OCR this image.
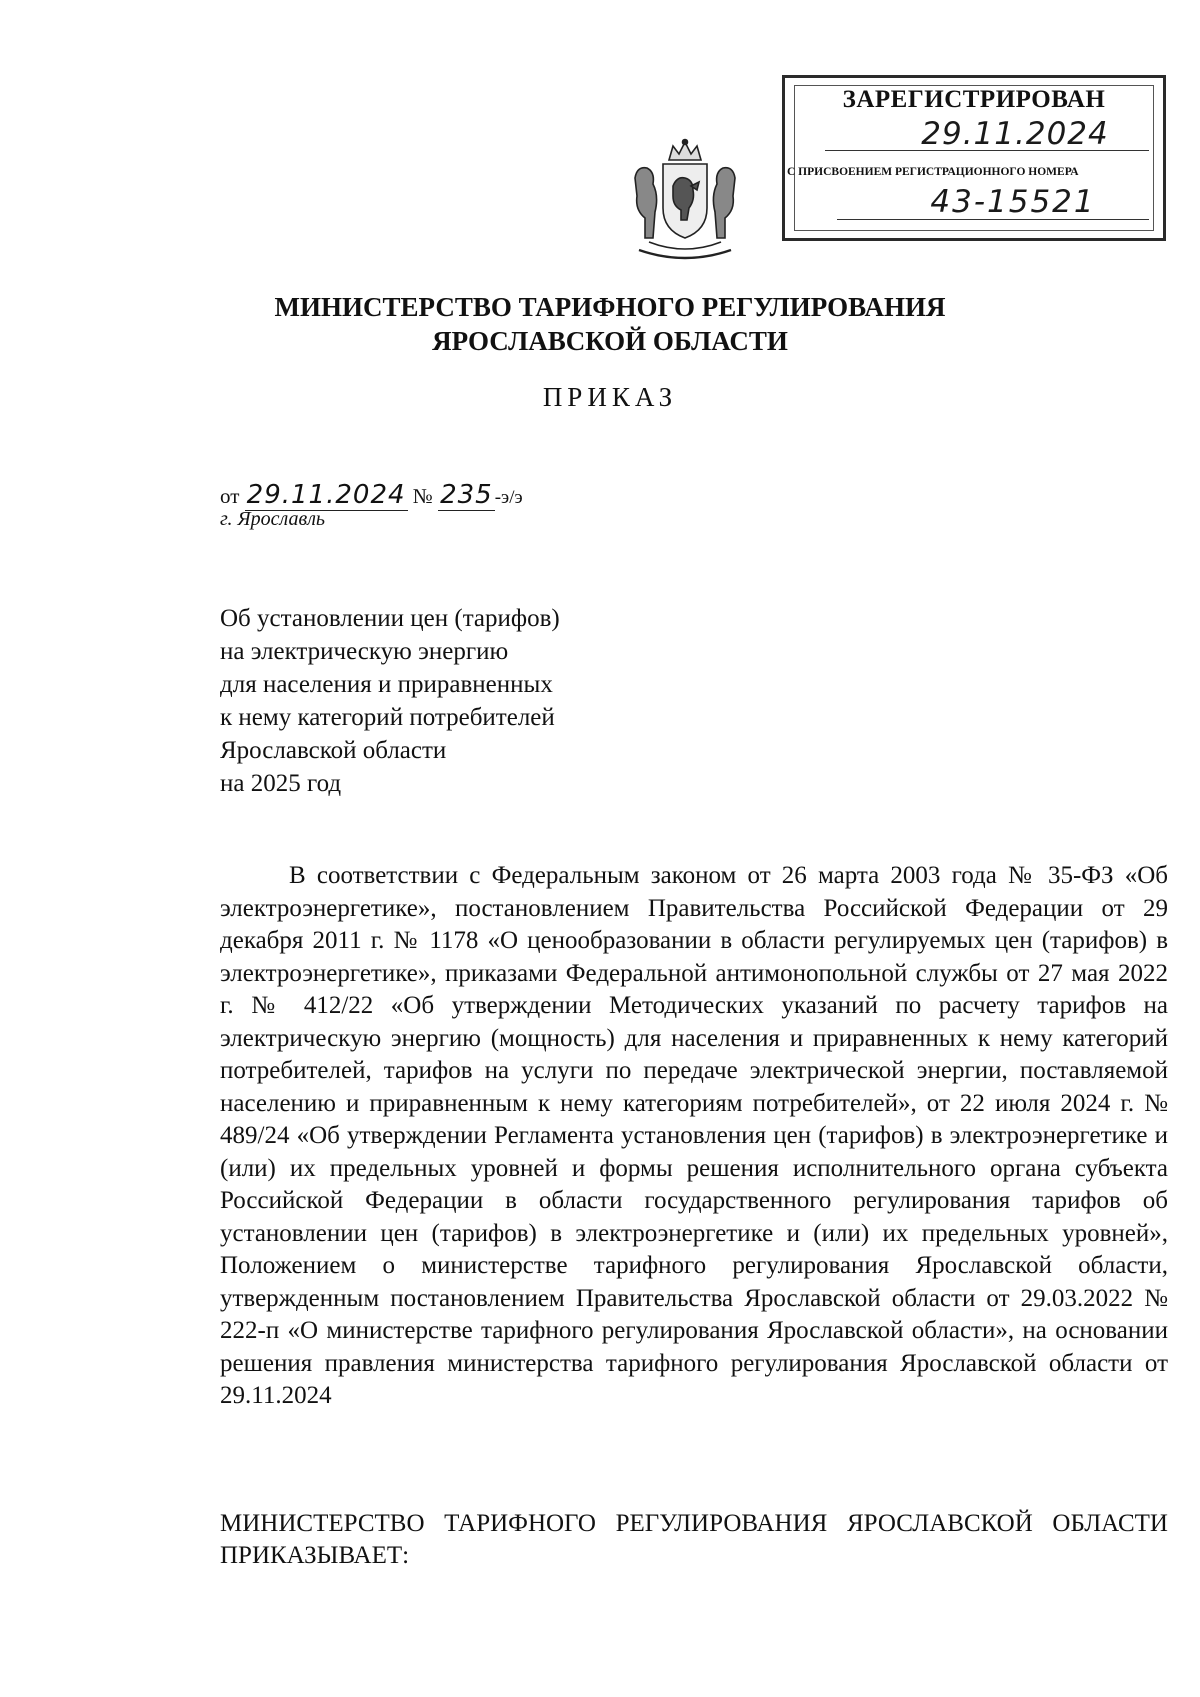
ЗАРЕГИСТРИРОВАН
29.11.2024
С ПРИСВОЕНИЕМ РЕГИСТРАЦИОННОГО НОМЕРА
43-15521
МИНИСТЕРСТВО ТАРИФНОГО РЕГУЛИРОВАНИЯ
ЯРОСЛАВСКОЙ ОБЛАСТИ
ПРИКАЗ
от 29.11.2024 № 235 -э/э
г. Ярославль
Об установлении цен (тарифов)
на электрическую энергию
для населения и приравненных
к нему категорий потребителей
Ярославской области
на 2025 год

В соответствии с Федеральным законом от 26 марта 2003 года № 35-ФЗ «Об электроэнергетике», постановлением Правительства Российской Федерации от 29 декабря 2011 г. № 1178 «О ценообразовании в области регулируемых цен (тарифов) в электроэнергетике», приказами Федеральной антимонопольной службы от 27 мая 2022 г. № 412/22 «Об утверждении Методических указаний по расчету тарифов на электрическую энергию (мощность) для населения и приравненных к нему категорий потребителей, тарифов на услуги по передаче электрической энергии, поставляемой населению и приравненным к нему категориям потребителей», от 22 июля 2024 г. № 489/24 «Об утверждении Регламента установления цен (тарифов) в электроэнергетике и (или) их предельных уровней и формы решения исполнительного органа субъекта Российской Федерации в области государственного регулирования тарифов об установлении цен (тарифов) в электроэнергетике и (или) их предельных уровней», Положением о министерстве тарифного регулирования Ярославской области, утвержденным постановлением Правительства Ярославской области от 29.03.2022 № 222-п «О министерстве тарифного регулирования Ярославской области», на основании решения правления министерства тарифного регулирования Ярославской области от 29.11.2024

МИНИСТЕРСТВО ТАРИФНОГО РЕГУЛИРОВАНИЯ ЯРОСЛАВСКОЙ ОБЛАСТИ ПРИКАЗЫВАЕТ:
